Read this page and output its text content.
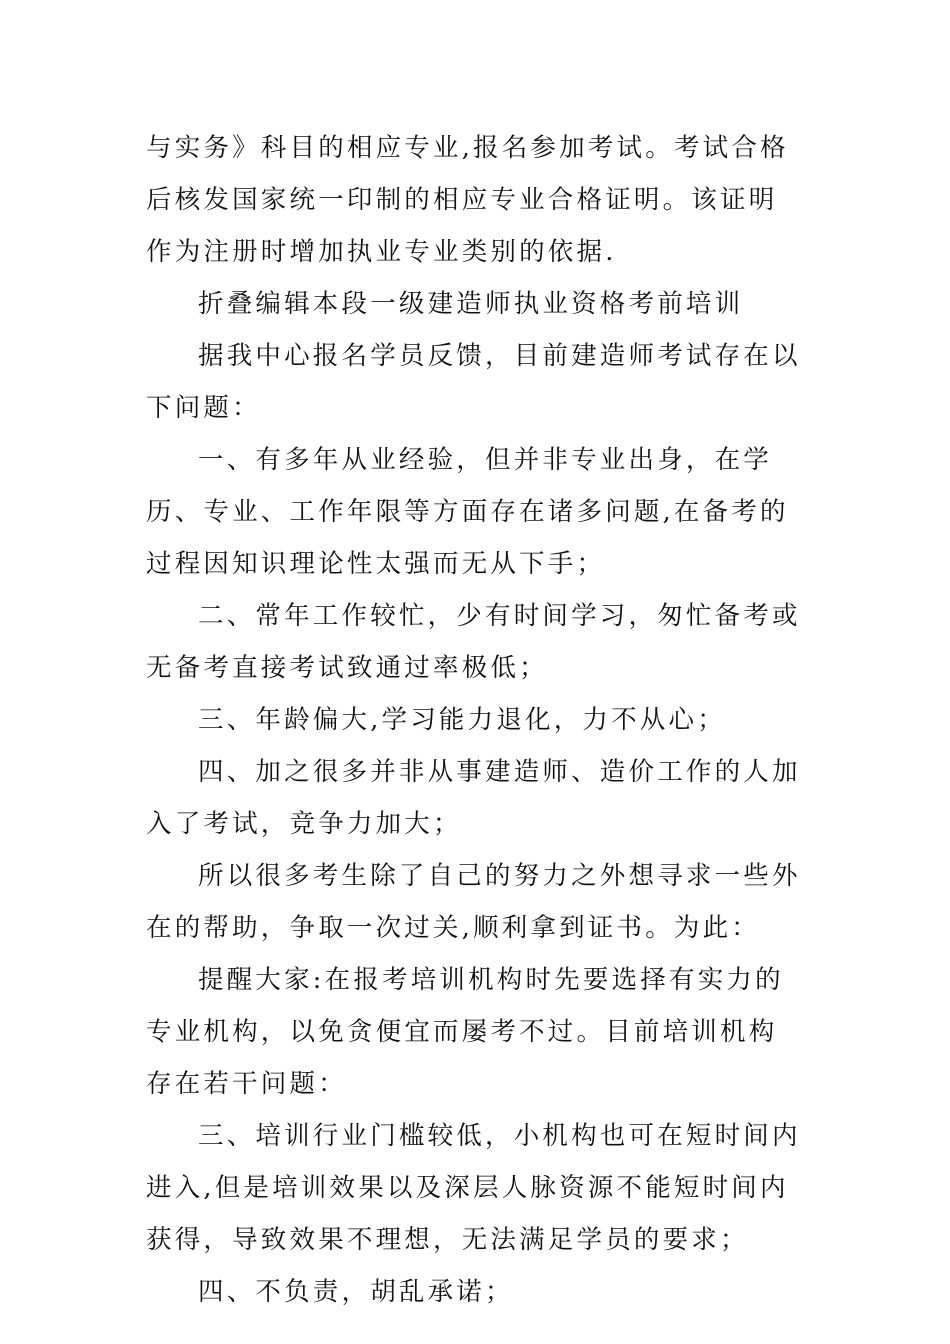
与实务》科目的相应专业,报名参加考试。考试合格后核发国家统一印制的相应专业合格证明。该证明作为注册时增加执业专业类别的依据.

折叠编辑本段一级建造师执业资格考前培训

据我中心报名学员反馈，目前建造师考试存在以下问题：

一、有多年从业经验，但并非专业出身，在学历、专业、工作年限等方面存在诸多问题,在备考的过程因知识理论性太强而无从下手；

二、常年工作较忙，少有时间学习，匆忙备考或无备考直接考试致通过率极低；

三、年龄偏大,学习能力退化，力不从心；

四、加之很多并非从事建造师、造价工作的人加入了考试，竞争力加大；

所以很多考生除了自己的努力之外想寻求一些外在的帮助，争取一次过关,顺利拿到证书。为此：

提醒大家:在报考培训机构时先要选择有实力的专业机构，以免贪便宜而屡考不过。目前培训机构存在若干问题：

三、培训行业门槛较低，小机构也可在短时间内进入,但是培训效果以及深层人脉资源不能短时间内获得，导致效果不理想，无法满足学员的要求；

四、不负责，胡乱承诺；
